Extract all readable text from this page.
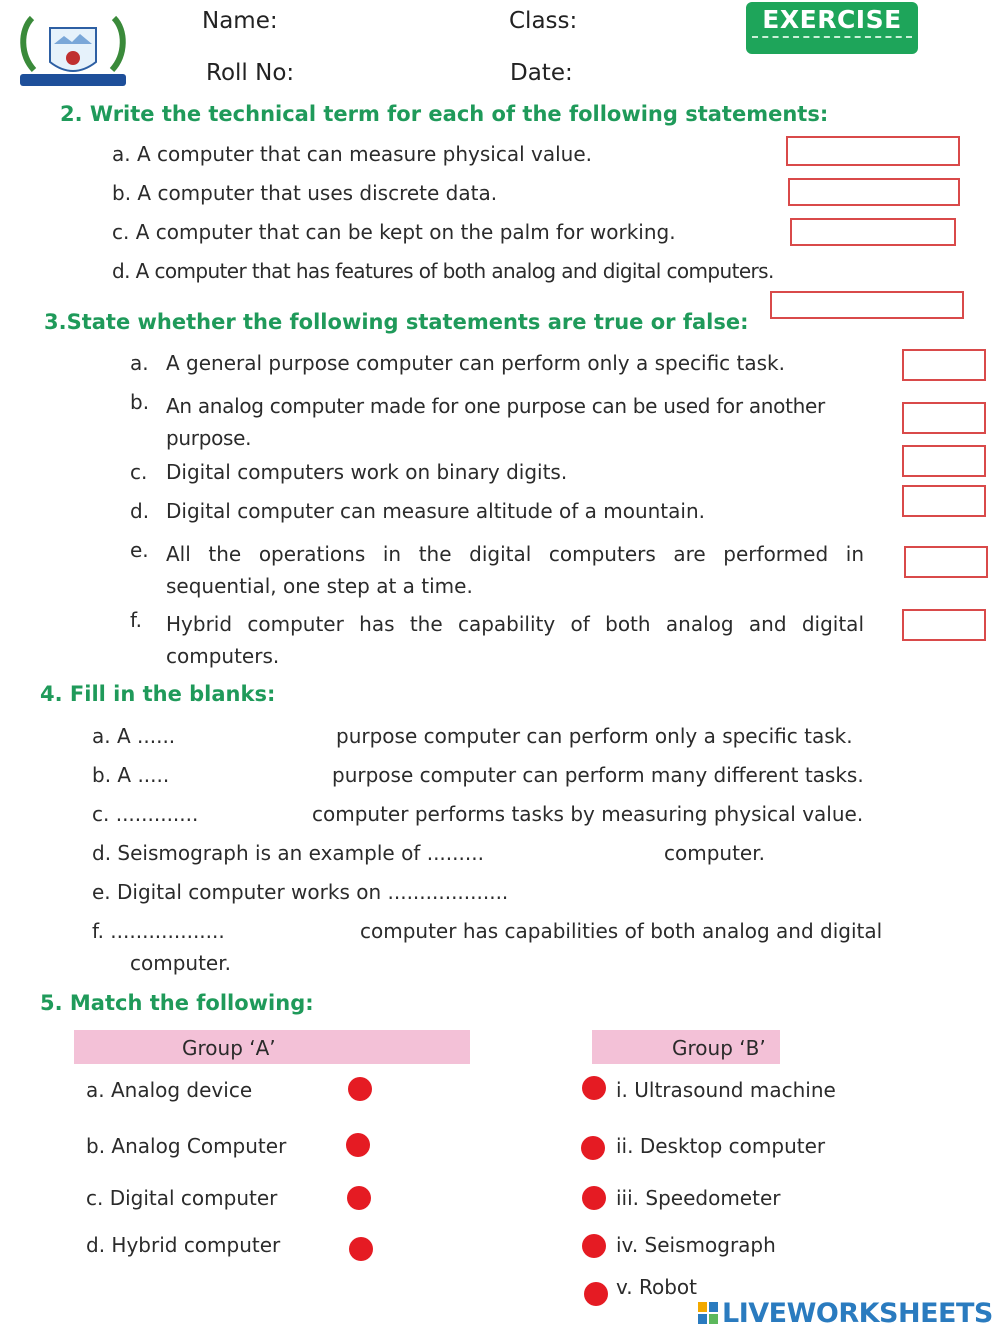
Name:	Class:
Roll No:	Date:
EXERCISE
2. Write the technical term for each of the following statements:
a. A computer that can measure physical value.
b. A computer that uses discrete data.
c. A computer that can be kept on the palm for working.
d. A computer that has features of both analog and digital computers.
3.State whether the following statements are true or false:
a. A general purpose computer can perform only a specific task.
b. An analog computer made for one purpose can be used for another purpose.
c. Digital computers work on binary digits.
d. Digital computer can measure altitude of a mountain.
e. All the operations in the digital computers are performed in sequential, one step at a time.
f. Hybrid computer has the capability of both analog and digital computers.
4. Fill in the blanks:
a. A ......	purpose computer can perform only a specific task.
b. A .....	purpose computer can perform many different tasks.
c. .............	computer performs tasks by measuring physical value.
d. Seismograph is an example of .........	computer.
e. Digital computer works on ...................
f. ..................	computer has capabilities of both analog and digital
computer.
5. Match the following:
Group ‘A’	Group ‘B’
a. Analog device
b. Analog Computer
c. Digital computer
d. Hybrid computer
i. Ultrasound machine
ii. Desktop computer
iii. Speedometer
iv. Seismograph
v. Robot
LIVEWORKSHEETS
